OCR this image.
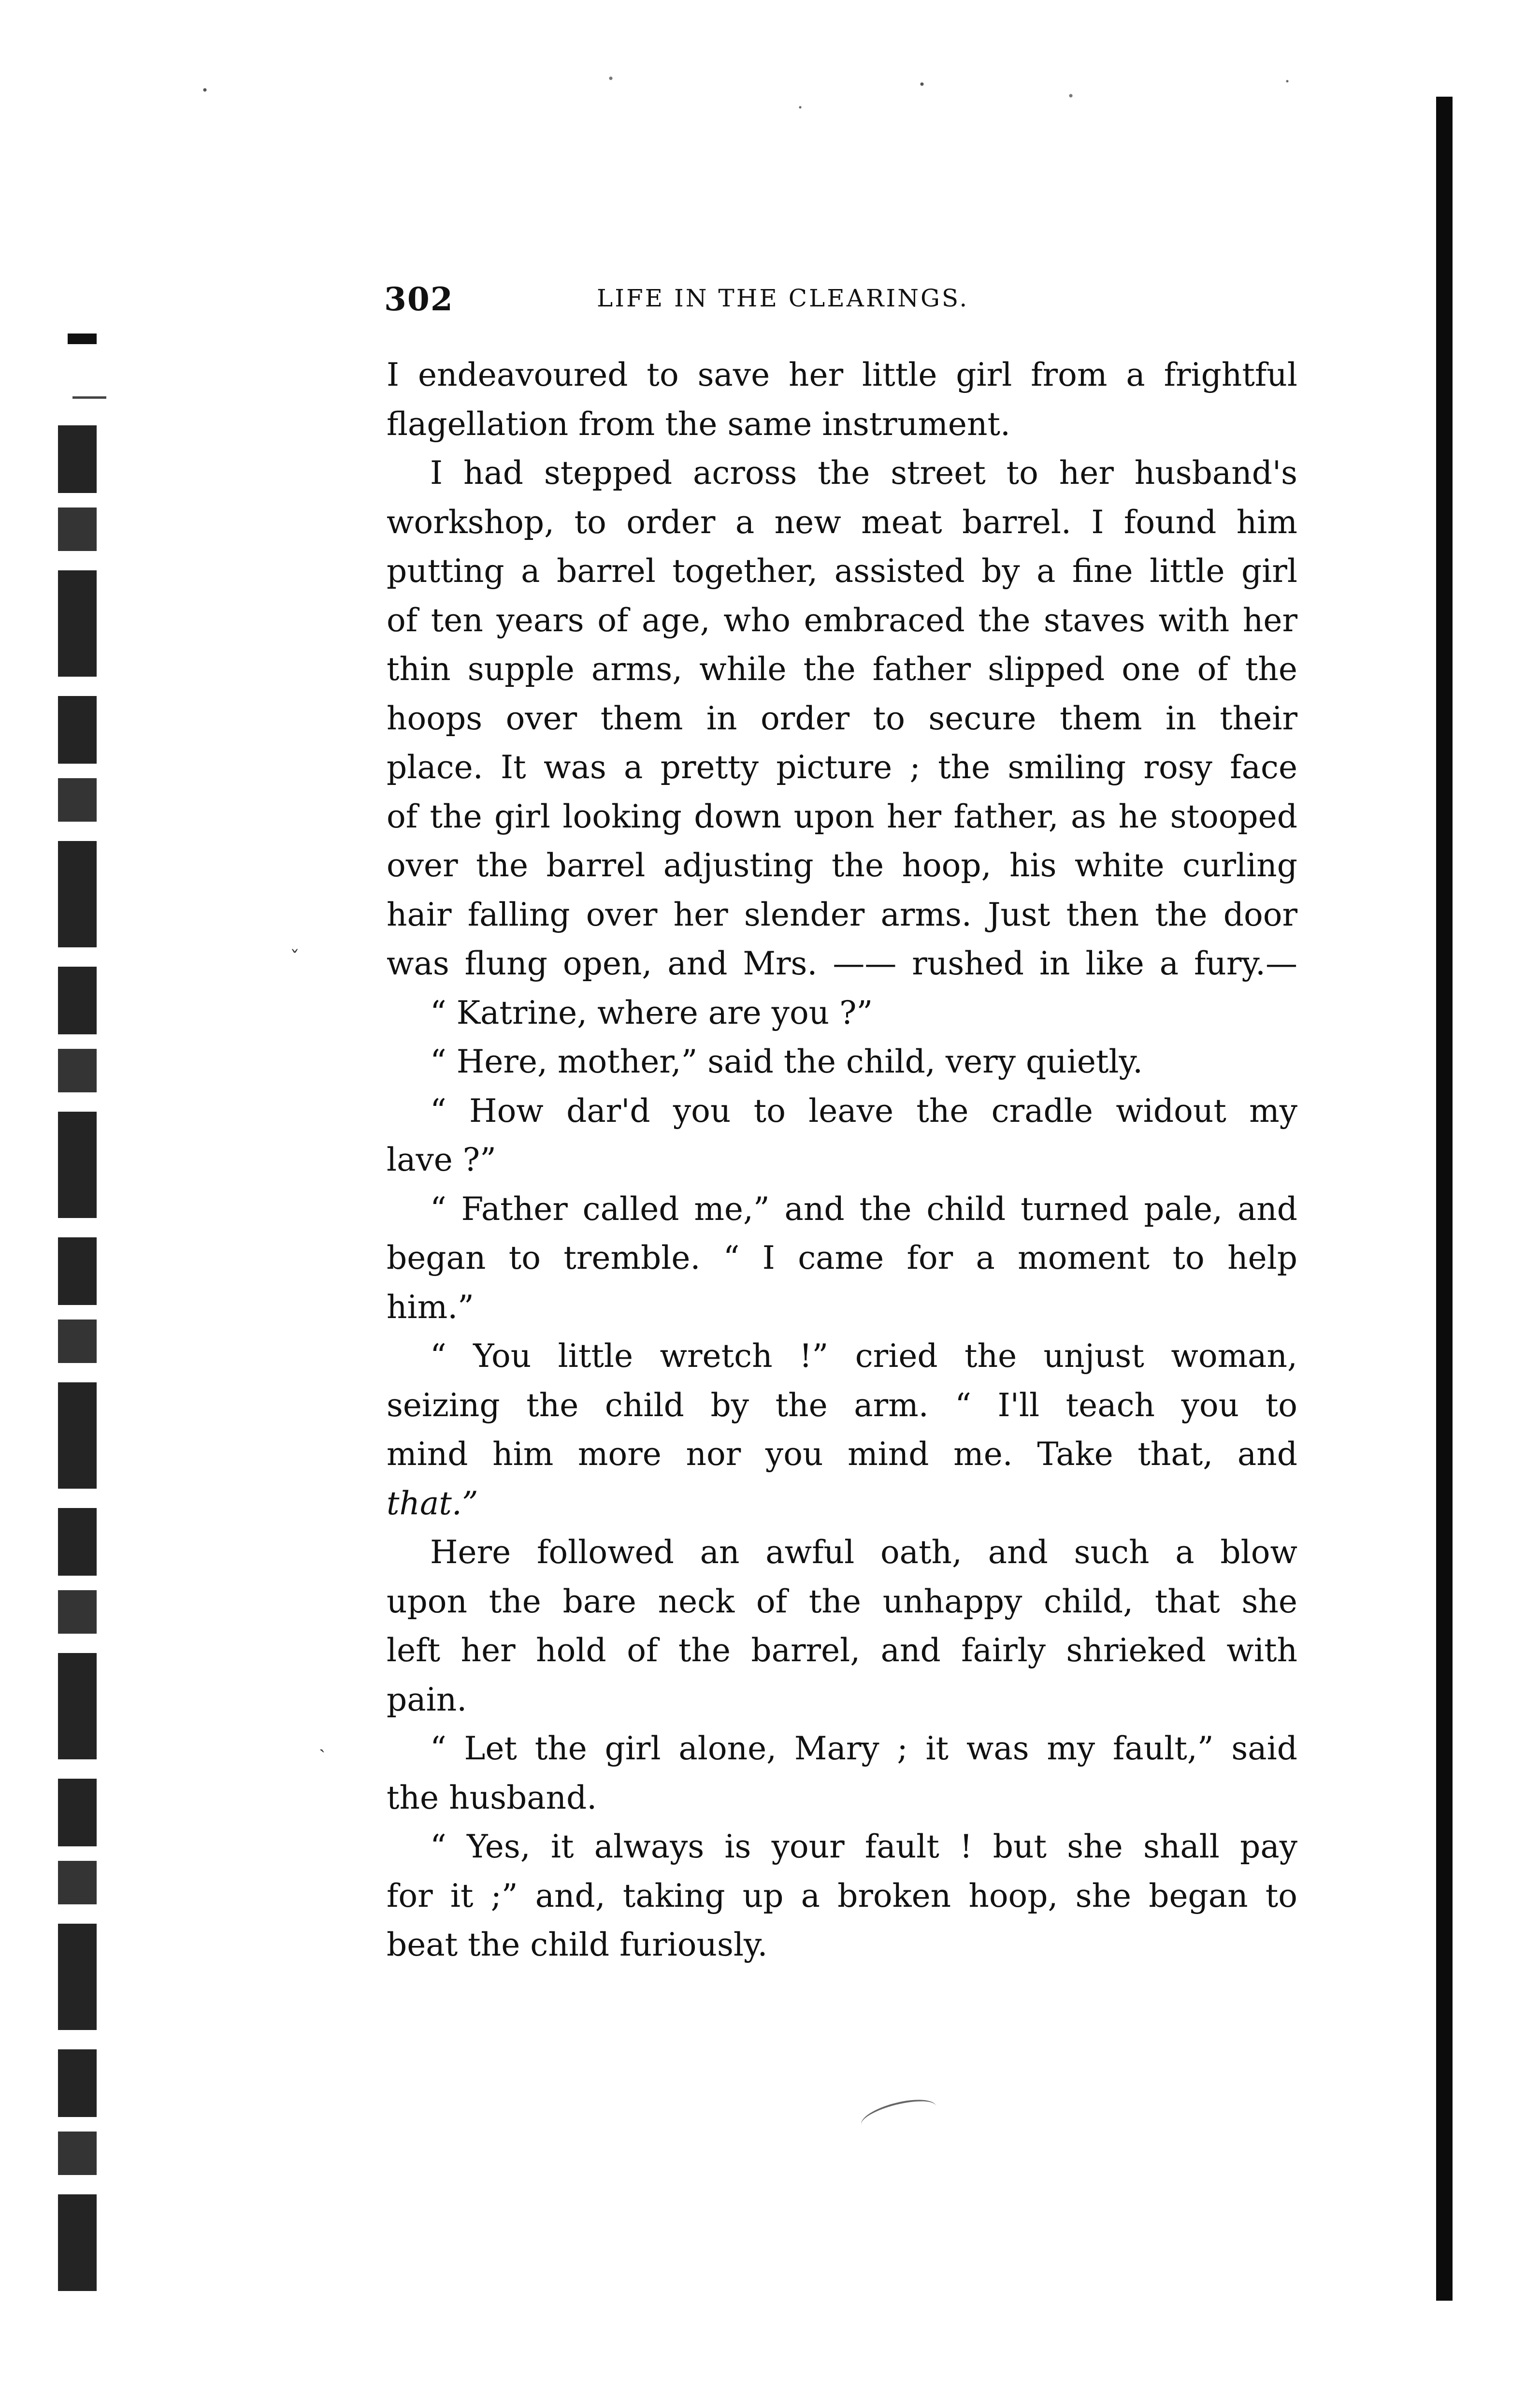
ˇ
ˎ
302	LIFE IN THE CLEARINGS.
I endeavoured to save her little girl from a frightful
flagellation from the same instrument.
I had stepped across the street to her husband's
workshop, to order a new meat barrel. I found him
putting a barrel together, assisted by a fine little girl
of ten years of age, who embraced the staves with her
thin supple arms, while the father slipped one of the
hoops over them in order to secure them in their
place. It was a pretty picture ; the smiling rosy face
of the girl looking down upon her father, as he stooped
over the barrel adjusting the hoop, his white curling
hair falling over her slender arms. Just then the door
was flung open, and Mrs. —— rushed in like a fury.—
“ Katrine, where are you ?”
“ Here, mother,” said the child, very quietly.
“ How dar'd you to leave the cradle widout my
lave ?”
“ Father called me,” and the child turned pale, and
began to tremble. “ I came for a moment to help
him.”
“ You little wretch !” cried the unjust woman,
seizing the child by the arm. “ I'll teach you to
mind him more nor you mind me. Take that, and
that.”
Here followed an awful oath, and such a blow
upon the bare neck of the unhappy child, that she
left her hold of the barrel, and fairly shrieked with
pain.
“ Let the girl alone, Mary ; it was my fault,” said
the husband.
“ Yes, it always is your fault ! but she shall pay
for it ;” and, taking up a broken hoop, she began to
beat the child furiously.
